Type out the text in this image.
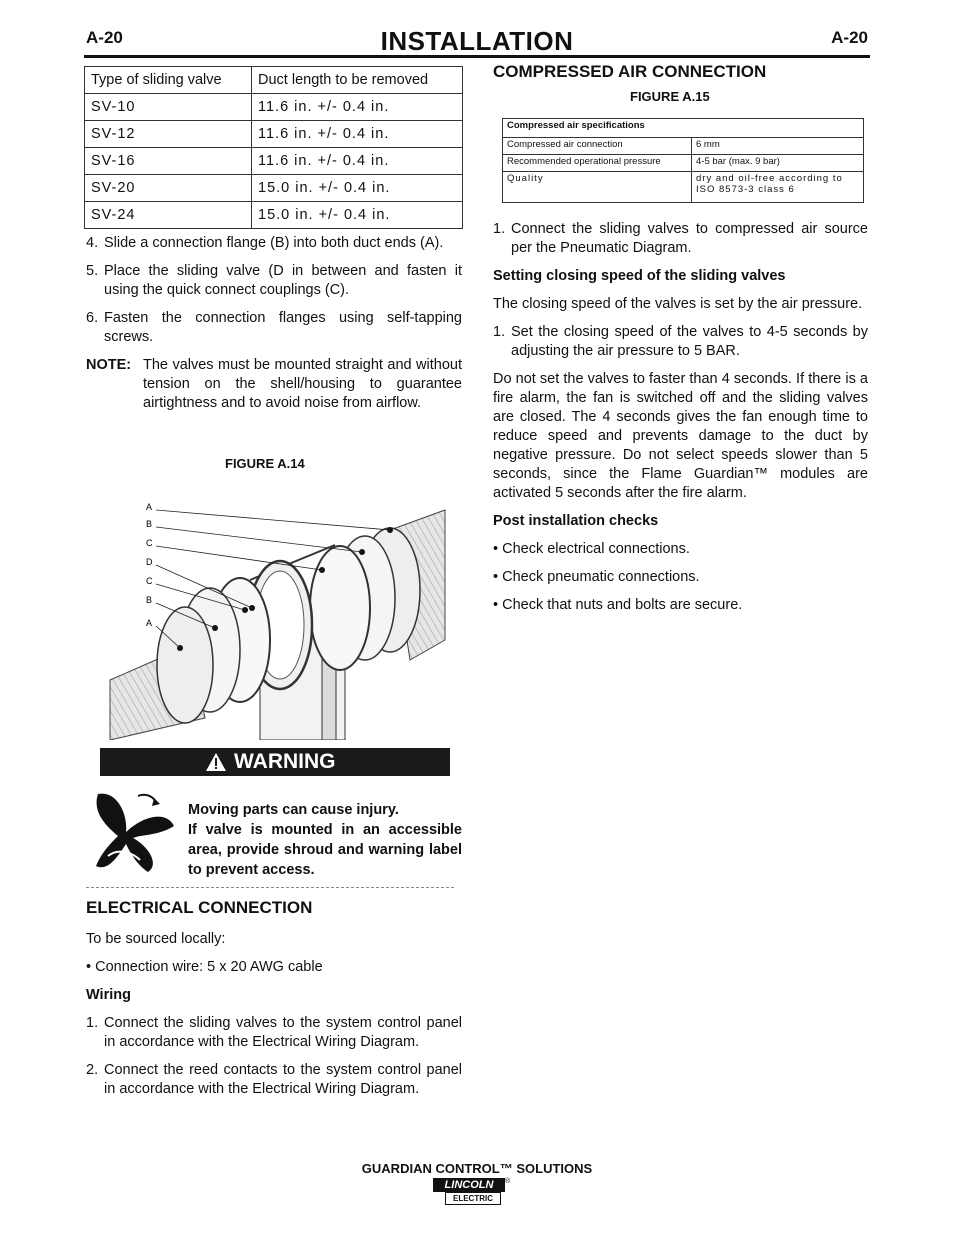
A-20	INSTALLATION	A-20
Type of sliding valve	Duct length to be removed
SV-10	11.6 in. +/- 0.4 in.
SV-12	11.6 in. +/- 0.4 in.
SV-16	11.6 in. +/- 0.4 in.
SV-20	15.0 in. +/- 0.4 in.
SV-24	15.0 in. +/- 0.4 in.
4. Slide a connection flange (B) into both duct ends (A).
5. Place the sliding valve (D in between and fasten it using the quick connect couplings (C).
6. Fasten the connection flanges using self-tapping screws.
NOTE: The valves must be mounted straight and without tension on the shell/housing to guarantee airtightness and to avoid noise from airflow.
FIGURE A.14
A
B
C
D
C
B
A
WARNING
Moving parts can cause injury.
If valve is mounted in an accessible area, provide shroud and warning label to prevent access.
ELECTRICAL CONNECTION

To be sourced locally:

• Connection wire: 5 x 20 AWG cable

Wiring

1. Connect the sliding valves to the system control panel in accordance with the Electrical Wiring Diagram.
2. Connect the reed contacts to the system control panel in accordance with the Electrical Wiring Diagram.
COMPRESSED AIR CONNECTION
FIGURE A.15
Compressed air specifications	
Compressed air connection	6 mm
Recommended operational pressure	4-5 bar (max. 9 bar)
Quality	dry and oil-free according to ISO 8573-3 class 6
1. Connect the sliding valves to compressed air source per the Pneumatic Diagram.

Setting closing speed of the sliding valves

The closing speed of the valves is set by the air pressure.

1. Set the closing speed of the valves to 4-5 seconds by adjusting the air pressure to 5 BAR.

Do not set the valves to faster than 4 seconds. If there is a fire alarm, the fan is switched off and the sliding valves are closed. The 4 seconds gives the fan enough time to reduce speed and prevents damage to the duct by negative pressure. Do not select speeds slower than 5 seconds, since the Flame Guardian™ modules are activated 5 seconds after the fire alarm.

Post installation checks

• Check electrical connections.

• Check pneumatic connections.

• Check that nuts and bolts are secure.

GUARDIAN CONTROL™ SOLUTIONS
LINCOLN
ELECTRIC
®
